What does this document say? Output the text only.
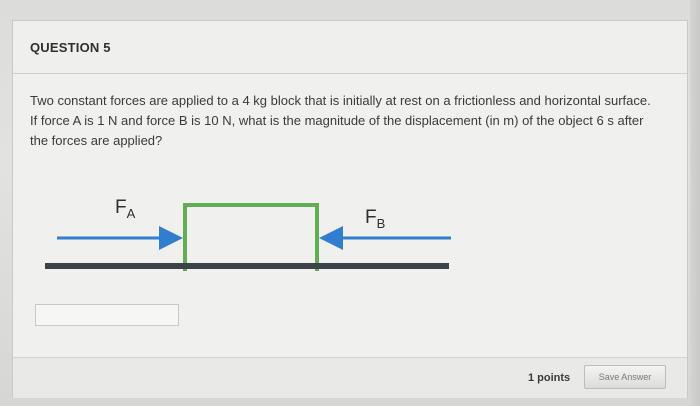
QUESTION 5
Two constant forces are applied to a 4 kg block that is initially at rest on a frictionless and horizontal surface. If force A is 1 N and force B is 10 N, what is the magnitude of the displacement (in m) of the object 6 s after the forces are applied?
$F_A$	$F_B$
1 points	Save Answer
